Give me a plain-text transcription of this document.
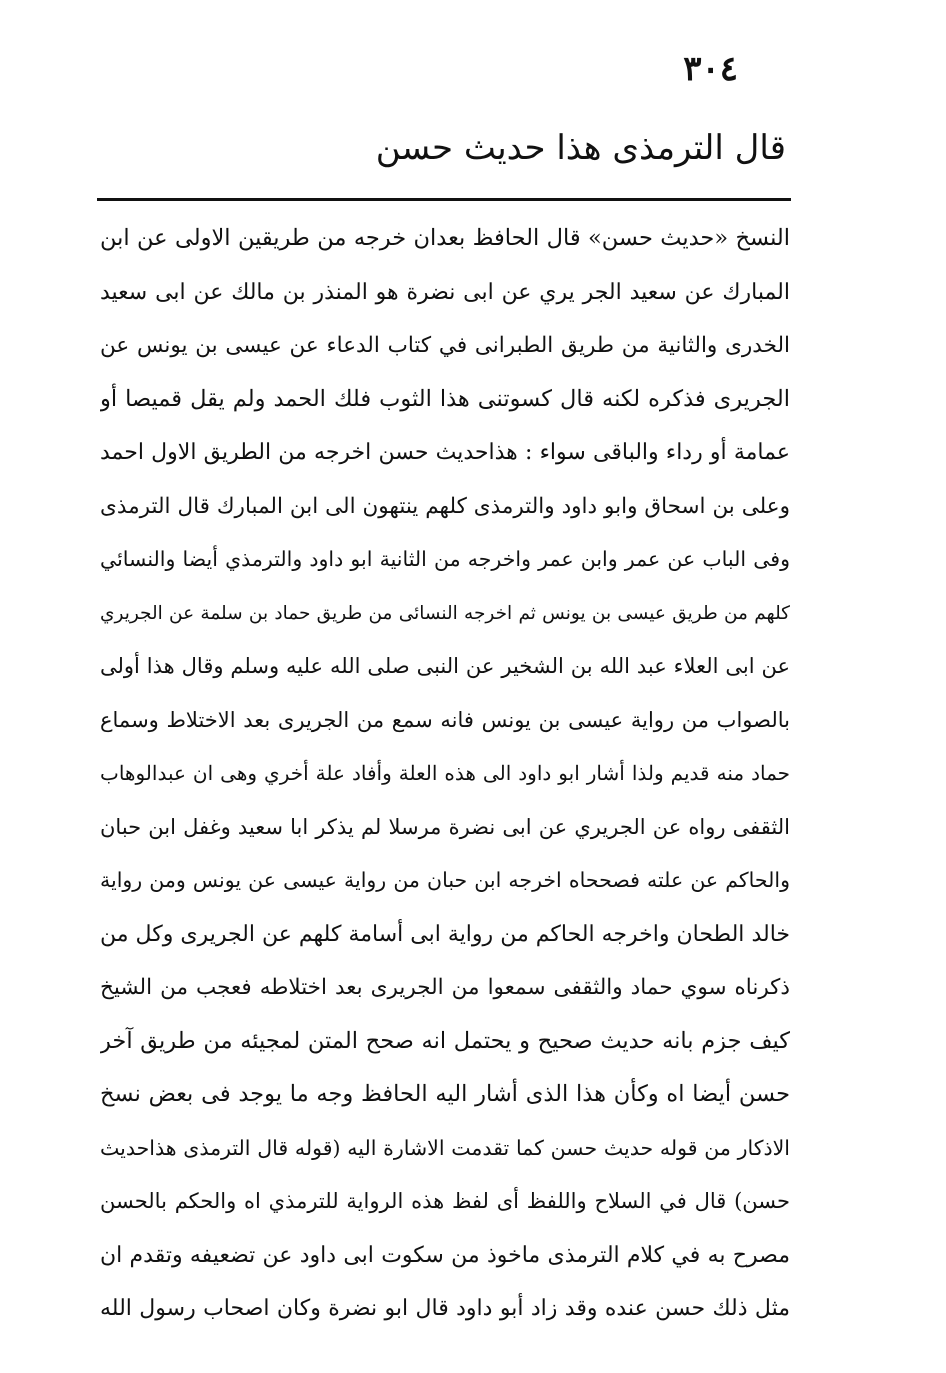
٣٠٤
قال الترمذی هذا حدیث حسن
النسخ «حديث حسن» قال الحافظ بعدان خرجه من طريقين الاولى عن ابن
المبارك عن سعيد الجر يري عن ابى نضرة هو المنذر بن مالك عن ابى سعيد
الخدرى والثانية من طريق الطبرانى في كتاب الدعاء عن عيسى بن يونس عن
الجريرى فذكره لكنه قال كسوتنى هذا الثوب فلك الحمد ولم يقل قميصا أو
عمامة أو رداء والباقى سواء : هذاحديث حسن اخرجه من الطريق الاول احمد
وعلى بن اسحاق وابو داود والترمذى كلهم ينتهون الى ابن المبارك قال الترمذى
وفى الباب عن عمر وابن عمر واخرجه من الثانية ابو داود والترمذي أيضا والنسائي
كلهم من طريق عيسى بن يونس ثم اخرجه النسائى من طريق حماد بن سلمة عن الجريري
عن ابى العلاء عبد الله بن الشخير عن النبى صلى الله عليه وسلم وقال هذا أولى
بالصواب من رواية عيسى بن يونس فانه سمع من الجريرى بعد الاختلاط وسماع
حماد منه قديم ولذا أشار ابو داود الى هذه العلة وأفاد علة أخري وهى ان عبدالوهاب
الثقفى رواه عن الجريري عن ابى نضرة مرسلا لم يذكر ابا سعيد وغفل ابن حبان
والحاكم عن علته فصححاه اخرجه ابن حبان من رواية عيسى عن يونس ومن رواية
خالد الطحان واخرجه الحاكم من رواية ابى أسامة كلهم عن الجريرى وكل من
ذكرناه سوي حماد والثقفى سمعوا من الجريرى بعد اختلاطه فعجب من الشيخ
كيف جزم بانه حديث صحيح و يحتمل انه صحح المتن لمجيئه من طريق آخر
حسن أيضا اه وكأن هذا الذى أشار اليه الحافظ وجه ما يوجد فى بعض نسخ
الاذكار من قوله حديث حسن كما تقدمت الاشارة اليه (قوله قال الترمذى هذاحديث
حسن) قال في السلاح واللفظ أى لفظ هذه الرواية للترمذي اه والحكم بالحسن
مصرح به في كلام الترمذى ماخوذ من سكوت ابى داود عن تضعيفه وتقدم ان
مثل ذلك حسن عنده وقد زاد أبو داود قال ابو نضرة وكان اصحاب رسول الله
